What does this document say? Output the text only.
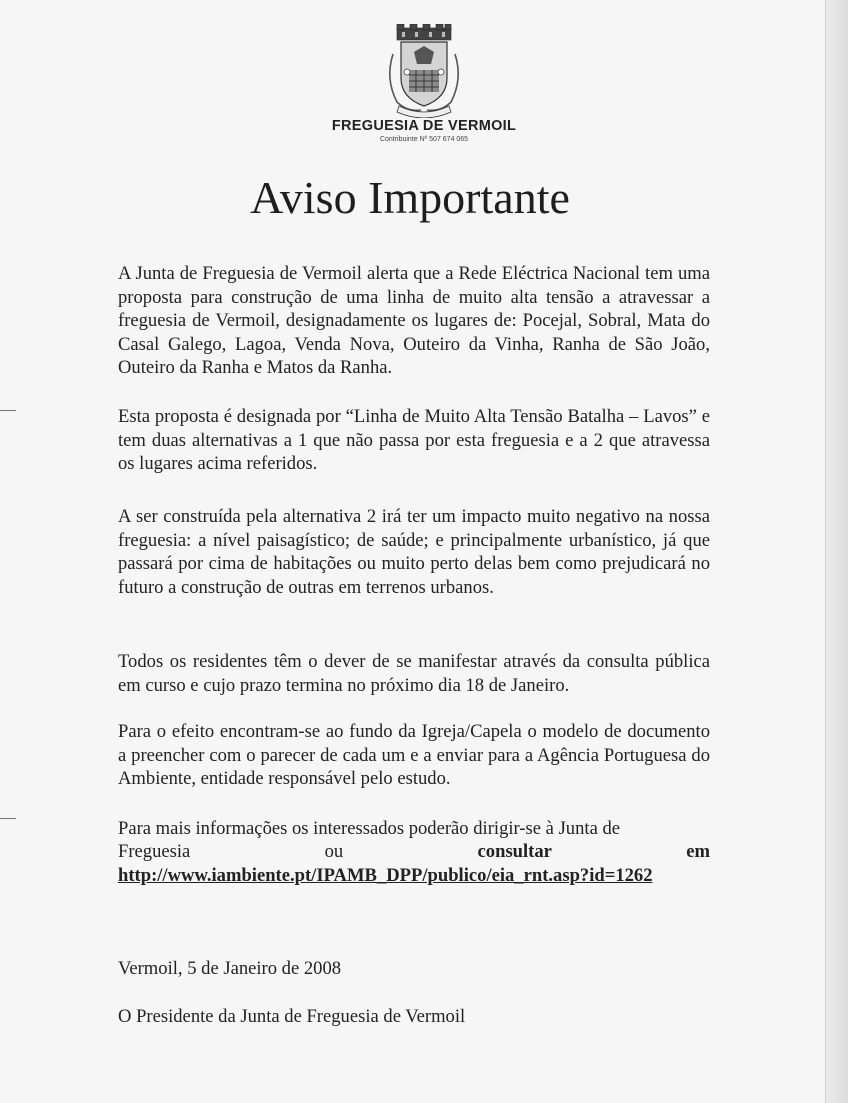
FREGUESIA DE VERMOIL
Contribuinte Nº 507 674 065
Aviso Importante
A Junta de Freguesia de Vermoil alerta que a Rede Eléctrica Nacional tem uma proposta para construção de uma linha de muito alta tensão a atravessar a freguesia de Vermoil, designadamente os lugares de: Pocejal, Sobral, Mata do Casal Galego, Lagoa, Venda Nova, Outeiro da Vinha, Ranha de São João, Outeiro da Ranha e Matos da Ranha.
Esta proposta é designada por “Linha de Muito Alta Tensão Batalha – Lavos” e tem duas alternativas a 1 que não passa por esta freguesia e a 2 que atravessa os lugares acima referidos.
A ser construída pela alternativa 2 irá ter um impacto muito negativo na nossa freguesia: a nível paisagístico; de saúde; e principalmente urbanístico, já que passará por cima de habitações ou muito perto delas bem como prejudicará no futuro a construção de outras em terrenos urbanos.
Todos os residentes têm o dever de se manifestar através da consulta pública em curso e cujo prazo termina no próximo dia 18 de Janeiro.
Para o efeito encontram-se ao fundo da Igreja/Capela o modelo de documento a preencher com o parecer de cada um e a enviar para a Agência Portuguesa do Ambiente, entidade responsável pelo estudo.
Para mais informações os interessados poderão dirigir-se à Junta de
Freguesia	ou	consultar	em
http://www.iambiente.pt/IPAMB_DPP/publico/eia_rnt.asp?id=1262
Vermoil, 5 de Janeiro de 2008
O Presidente da Junta de Freguesia de Vermoil
